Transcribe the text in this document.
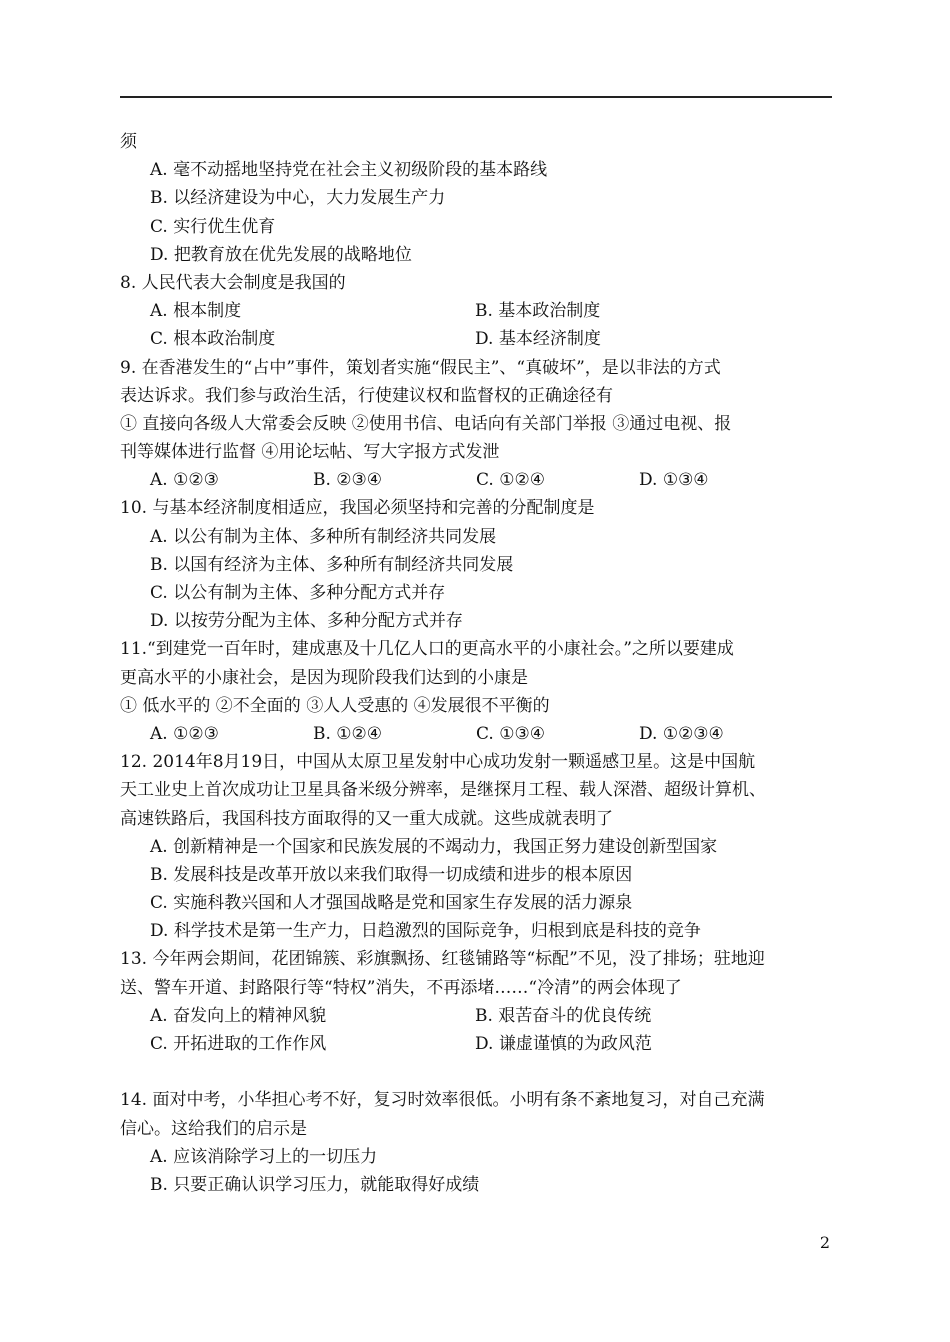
须
A. 毫不动摇地坚持党在社会主义初级阶段的基本路线
B. 以经济建设为中心，大力发展生产力
C. 实行优生优育
D. 把教育放在优先发展的战略地位
8. 人民代表大会制度是我国的
A. 根本制度	B. 基本政治制度
C. 根本政治制度	D. 基本经济制度
9. 在香港发生的“占中”事件，策划者实施“假民主”、“真破坏”，是以非法的方式
表达诉求。我们参与政治生活，行使建议权和监督权的正确途径有
① 直接向各级人大常委会反映 ②使用书信、电话向有关部门举报 ③通过电视、报
刊等媒体进行监督 ④用论坛帖、写大字报方式发泄
A. ①②③	B. ②③④	C. ①②④	D. ①③④
10. 与基本经济制度相适应，我国必须坚持和完善的分配制度是
A. 以公有制为主体、多种所有制经济共同发展
B. 以国有经济为主体、多种所有制经济共同发展
C. 以公有制为主体、多种分配方式并存
D. 以按劳分配为主体、多种分配方式并存
11.“到建党一百年时，建成惠及十几亿人口的更高水平的小康社会。”之所以要建成
更高水平的小康社会，是因为现阶段我们达到的小康是
① 低水平的 ②不全面的 ③人人受惠的 ④发展很不平衡的
A. ①②③	B. ①②④	C. ①③④	D. ①②③④
12. 2014年8月19日，中国从太原卫星发射中心成功发射一颗遥感卫星。这是中国航
天工业史上首次成功让卫星具备米级分辨率，是继探月工程、载人深潜、超级计算机、
高速铁路后，我国科技方面取得的又一重大成就。这些成就表明了
A. 创新精神是一个国家和民族发展的不竭动力，我国正努力建设创新型国家
B. 发展科技是改革开放以来我们取得一切成绩和进步的根本原因
C. 实施科教兴国和人才强国战略是党和国家生存发展的活力源泉
D. 科学技术是第一生产力，日趋激烈的国际竞争，归根到底是科技的竞争
13. 今年两会期间，花团锦簇、彩旗飘扬、红毯铺路等“标配”不见，没了排场；驻地迎
送、警车开道、封路限行等“特权”消失，不再添堵……“冷清”的两会体现了
A. 奋发向上的精神风貌	B. 艰苦奋斗的优良传统
C. 开拓进取的工作作风	D. 谦虚谨慎的为政风范
14. 面对中考，小华担心考不好，复习时效率很低。小明有条不紊地复习，对自己充满
信心。这给我们的启示是
A. 应该消除学习上的一切压力
B. 只要正确认识学习压力，就能取得好成绩
2
